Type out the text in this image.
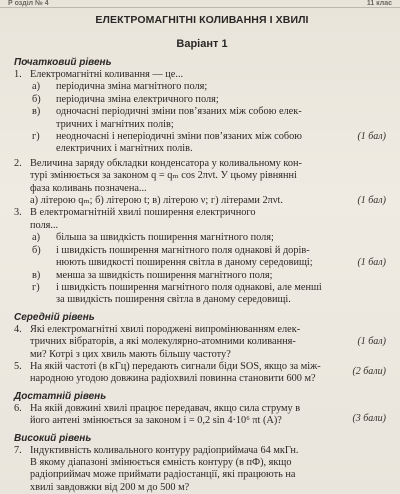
Р озділ № 4	11 клас
ЕЛЕКТРОМАГНІТНІ КОЛИВАННЯ І ХВИЛІ
Варіант 1
Початковий рівень
1. Електромагнітні коливання — це...
а)	періодична зміна магнітного поля;
б)	періодична зміна електричного поля;
в)	одночасні періодичні зміни пов’язаних між собою елек-
тричних і магнітних полів;
г)	неодночасні і неперіодичні зміни пов’язаних між собою
електричних і магнітних полів.
(1 бал)
2. Величина заряду обкладки конденсатора у коливальному кон-
турі змінюється за законом q = qₘ cos 2πνt. У цьому рівнянні
фаза коливань позначена...
а) літерою qₘ; б) літерою t; в) літерою ν; г) літерами 2πνt.	(1 бал)
3. В електромагнітній хвилі поширення електричного
поля...
а)	більша за швидкість поширення магнітного поля;
б)	і швидкість поширення магнітного поля однакові й дорів-
нюють швидкості поширення світла в даному середовищі;
в)	менша за швидкість поширення магнітного поля;
г)	і швидкість поширення магнітного поля однакові, але менші
за швидкість поширення світла в даному середовищі.
(1 бал)
Середній рівень
4. Які електромагнітні хвилі породжені випромінюванням елек-
тричних вібраторів, а які молекулярно-атомними коливання-
ми? Котрі з цих хвиль мають більшу частоту?
(1 бал)
5. На якій частоті (в кГц) передають сигнали біди SOS, якщо за між-
народною угодою довжина радіохвилі повинна становити 600 м?
(2 бали)
Достатній рівень
6. На якій довжині хвилі працює передавач, якщо сила струму в
його антені змінюється за законом i = 0,2 sin 4·10⁶ πt (А)?	(3 бали)
Високий рівень
7. Індуктивність коливального контуру радіоприймача 64 мкГн.
В якому діапазоні змінюється ємність контуру (в пФ), якщо
радіоприймач може приймати радіостанції, які працюють на
хвилі завдовжки від 200 м до 500 м?
